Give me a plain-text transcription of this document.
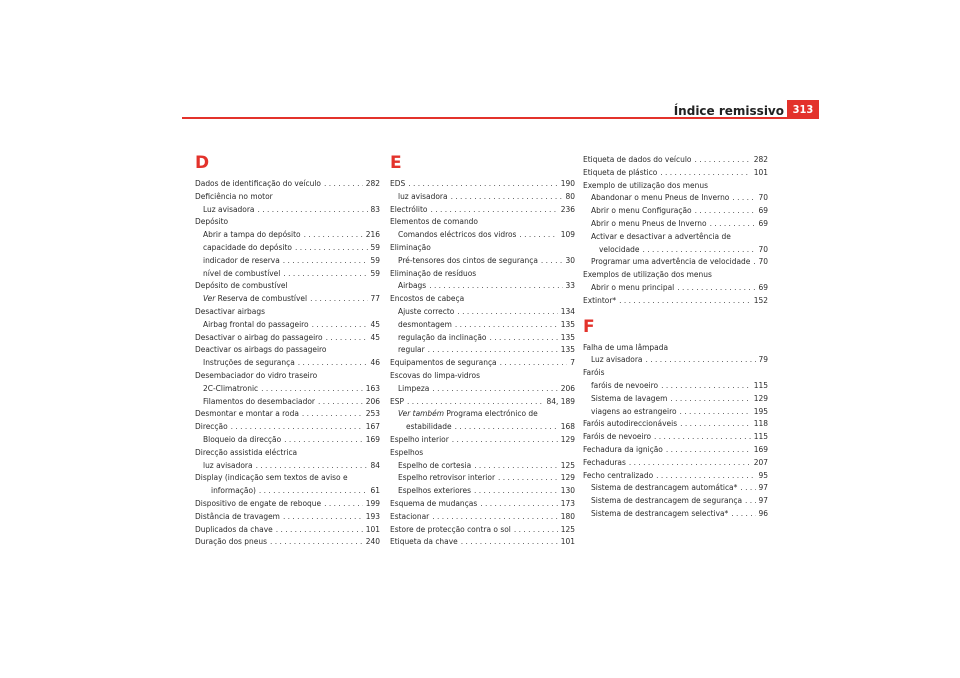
Índice remissivo 313
D
Dados de identificação do veículo . . .	282
Deficiência no motor
Luz avisadora . . .	83
Depósito
Abrir a tampa do depósito . . .	216
capacidade do depósito . . .	59
indicador de reserva . . .	59
nível de combustível . . .	59
Depósito de combustível
Ver Reserva de combustível . . .	77
Desactivar airbags
Airbag frontal do passageiro . . .	45
Desactivar o airbag do passageiro . . .	45
Deactivar os airbags do passageiro
Instruções de segurança . . .	46
Desembaciador do vidro traseiro
2C-Climatronic . . .	163
Filamentos do desembaciador . . .	206
Desmontar e montar a roda . . .	253
Direcção . . .	167
Bloqueio da direcção . . .	169
Direcção assistida eléctrica
luz avisadora . . .	84
Display (indicação sem textos de aviso e
informação) . . .	61
Dispositivo de engate de reboque . . .	199
Distância de travagem . . .	193
Duplicados da chave . . .	101
Duração dos pneus . . .	240
E
EDS . . .	190
luz avisadora . . .	80
Electrólito . . .	236
Elementos de comando
Comandos eléctricos dos vidros . . .	109
Eliminação
Pré-tensores dos cintos de segurança . . .	30
Eliminação de resíduos
Airbags . . .	33
Encostos de cabeça
Ajuste correcto . . .	134
desmontagem . . .	135
regulação da inclinação . . .	135
regular . . .	135
Equipamentos de segurança . . .	7
Escovas do limpa-vidros
Limpeza . . .	206
ESP . . .	84, 189
Ver também Programa electrónico de
estabilidade . . .	168
Espelho interior . . .	129
Espelhos
Espelho de cortesia . . .	125
Espelho retrovisor interior . . .	129
Espelhos exteriores . . .	130
Esquema de mudanças . . .	173
Estacionar . . .	180
Estore de protecção contra o sol . . .	125
Etiqueta da chave . . .	101
Etiqueta de dados do veículo . . .	282
Etiqueta de plástico . . .	101
Exemplo de utilização dos menus
Abandonar o menu Pneus de Inverno . . .	70
Abrir o menu Configuração . . .	69
Abrir o menu Pneus de Inverno . . .	69
Activar e desactivar a advertência de
velocidade . . .	70
Programar uma advertência de velocidade . . . 70
Exemplos de utilização dos menus
Abrir o menu principal . . .	69
Extintor* . . .	152
F
Falha de uma lâmpada
Luz avisadora . . .	79
Faróis
faróis de nevoeiro . . .	115
Sistema de lavagem . . .	129
viagens ao estrangeiro . . .	195
Faróis autodireccionáveis . . .	118
Faróis de nevoeiro . . .	115
Fechadura da ignição . . .	169
Fechaduras . . .	207
Fecho centralizado . . .	95
Sistema de destrancagem automática* . . .	97
Sistema de destrancagem de segurança . . . 97
Sistema de destrancagem selectiva* . . .	96
